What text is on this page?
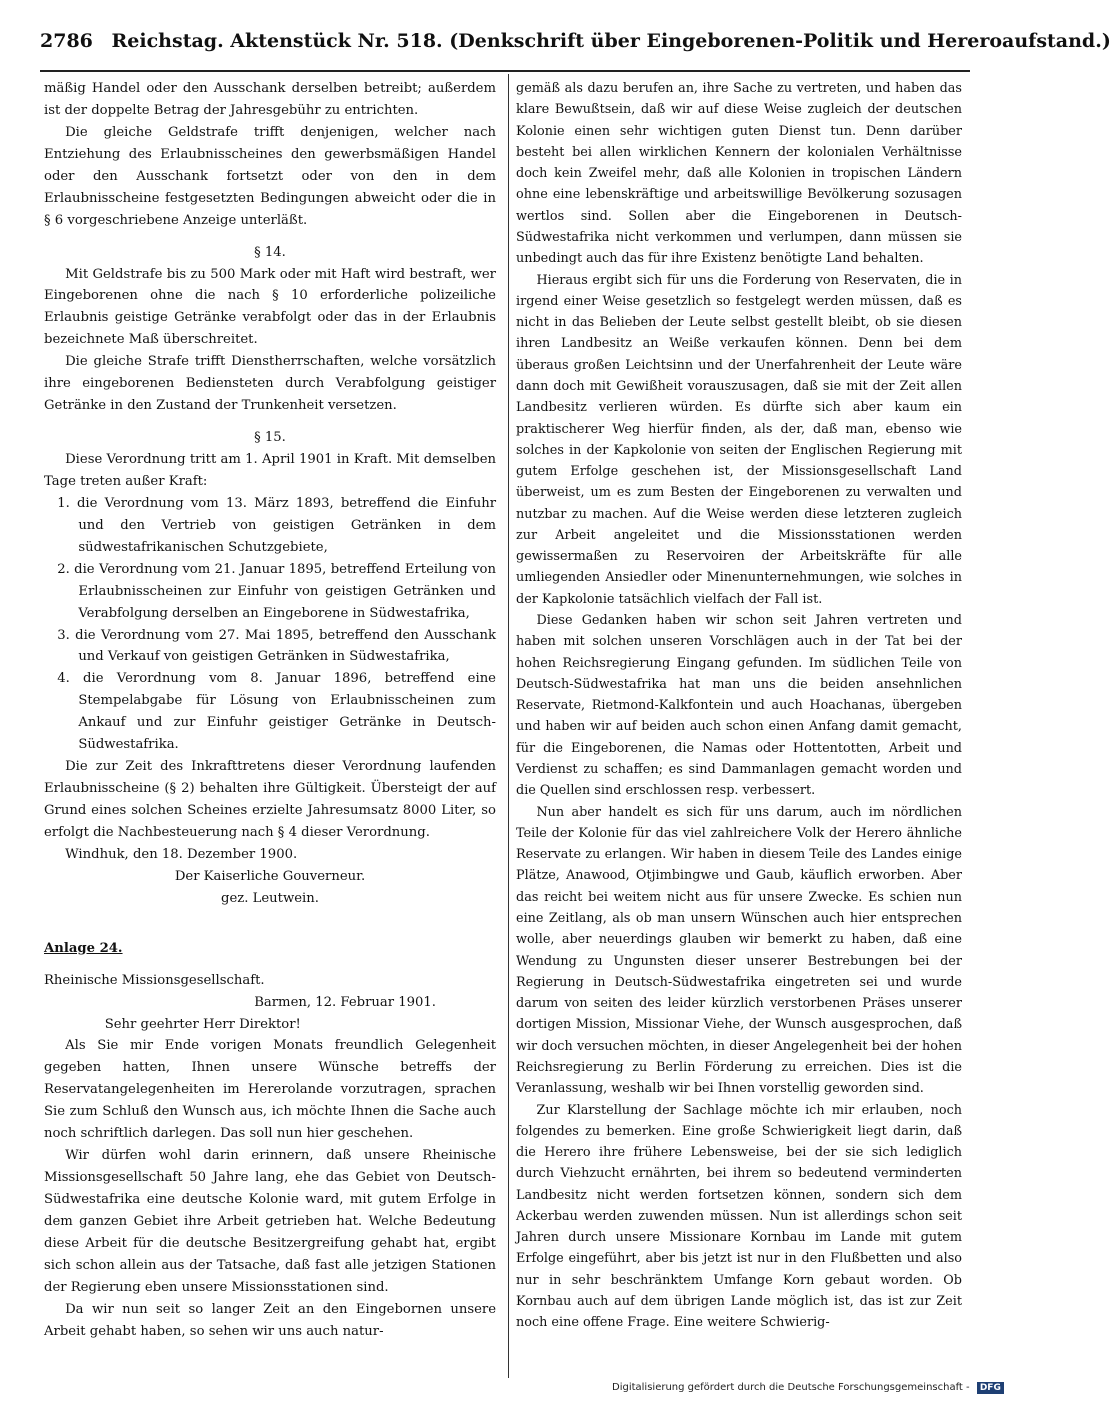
2786 Reichstag. Aktenstück Nr. 518. (Denkschrift über Eingeborenen-Politik und Hereroaufstand.)

mäßig Handel oder den Ausschank derselben betreibt; außerdem ist der doppelte Betrag der Jahresgebühr zu entrichten.

Die gleiche Geldstrafe trifft denjenigen, welcher nach Entziehung des Erlaubnisscheines den gewerbsmäßigen Handel oder den Ausschank fortsetzt oder von den in dem Erlaubnisscheine festgesetzten Bedingungen abweicht oder die in § 6 vorgeschriebene Anzeige unterläßt.

§ 14.

Mit Geldstrafe bis zu 500 Mark oder mit Haft wird bestraft, wer Eingeborenen ohne die nach § 10 erforderliche polizeiliche Erlaubnis geistige Getränke verabfolgt oder das in der Erlaubnis bezeichnete Maß überschreitet.

Die gleiche Strafe trifft Dienstherrschaften, welche vorsätzlich ihre eingeborenen Bediensteten durch Verabfolgung geistiger Getränke in den Zustand der Trunkenheit versetzen.

§ 15.

Diese Verordnung tritt am 1. April 1901 in Kraft. Mit demselben Tage treten außer Kraft:

1. die Verordnung vom 13. März 1893, betreffend die Einfuhr und den Vertrieb von geistigen Getränken in dem südwestafrikanischen Schutzgebiete,

2. die Verordnung vom 21. Januar 1895, betreffend Erteilung von Erlaubnisscheinen zur Einfuhr von geistigen Getränken und Verabfolgung derselben an Eingeborene in Südwestafrika,

3. die Verordnung vom 27. Mai 1895, betreffend den Ausschank und Verkauf von geistigen Getränken in Südwestafrika,

4. die Verordnung vom 8. Januar 1896, betreffend eine Stempelabgabe für Lösung von Erlaubnisscheinen zum Ankauf und zur Einfuhr geistiger Getränke in Deutsch-Südwestafrika.

Die zur Zeit des Inkrafttretens dieser Verordnung laufenden Erlaubnisscheine (§ 2) behalten ihre Gültigkeit. Übersteigt der auf Grund eines solchen Scheines erzielte Jahresumsatz 8000 Liter, so erfolgt die Nachbesteuerung nach § 4 dieser Verordnung.

Windhuk, den 18. Dezember 1900.

Der Kaiserliche Gouverneur.

gez. Leutwein.

Anlage 24.

Rheinische Missionsgesellschaft.

Barmen, 12. Februar 1901.

Sehr geehrter Herr Direktor!

Als Sie mir Ende vorigen Monats freundlich Gelegenheit gegeben hatten, Ihnen unsere Wünsche betreffs der Reservatangelegenheiten im Hererolande vorzutragen, sprachen Sie zum Schluß den Wunsch aus, ich möchte Ihnen die Sache auch noch schriftlich darlegen. Das soll nun hier geschehen.

Wir dürfen wohl darin erinnern, daß unsere Rheinische Missionsgesellschaft 50 Jahre lang, ehe das Gebiet von Deutsch-Südwestafrika eine deutsche Kolonie ward, mit gutem Erfolge in dem ganzen Gebiet ihre Arbeit getrieben hat. Welche Bedeutung diese Arbeit für die deutsche Besitzergreifung gehabt hat, ergibt sich schon allein aus der Tatsache, daß fast alle jetzigen Stationen der Regierung eben unsere Missionsstationen sind.

Da wir nun seit so langer Zeit an den Eingebornen unsere Arbeit gehabt haben, so sehen wir uns auch natur-

gemäß als dazu berufen an, ihre Sache zu vertreten, und haben das klare Bewußtsein, daß wir auf diese Weise zugleich der deutschen Kolonie einen sehr wichtigen guten Dienst tun. Denn darüber besteht bei allen wirklichen Kennern der kolonialen Verhältnisse doch kein Zweifel mehr, daß alle Kolonien in tropischen Ländern ohne eine lebenskräftige und arbeitswillige Bevölkerung sozusagen wertlos sind. Sollen aber die Eingeborenen in Deutsch-Südwestafrika nicht verkommen und verlumpen, dann müssen sie unbedingt auch das für ihre Existenz benötigte Land behalten.

Hieraus ergibt sich für uns die Forderung von Reservaten, die in irgend einer Weise gesetzlich so festgelegt werden müssen, daß es nicht in das Belieben der Leute selbst gestellt bleibt, ob sie diesen ihren Landbesitz an Weiße verkaufen können. Denn bei dem überaus großen Leichtsinn und der Unerfahrenheit der Leute wäre dann doch mit Gewißheit vorauszusagen, daß sie mit der Zeit allen Landbesitz verlieren würden. Es dürfte sich aber kaum ein praktischerer Weg hierfür finden, als der, daß man, ebenso wie solches in der Kapkolonie von seiten der Englischen Regierung mit gutem Erfolge geschehen ist, der Missionsgesellschaft Land überweist, um es zum Besten der Eingeborenen zu verwalten und nutzbar zu machen. Auf die Weise werden diese letzteren zugleich zur Arbeit angeleitet und die Missionsstationen werden gewissermaßen zu Reservoiren der Arbeitskräfte für alle umliegenden Ansiedler oder Minenunternehmungen, wie solches in der Kapkolonie tatsächlich vielfach der Fall ist.

Diese Gedanken haben wir schon seit Jahren vertreten und haben mit solchen unseren Vorschlägen auch in der Tat bei der hohen Reichsregierung Eingang gefunden. Im südlichen Teile von Deutsch-Südwestafrika hat man uns die beiden ansehnlichen Reservate, Rietmond-Kalkfontein und auch Hoachanas, übergeben und haben wir auf beiden auch schon einen Anfang damit gemacht, für die Eingeborenen, die Namas oder Hottentotten, Arbeit und Verdienst zu schaffen; es sind Dammanlagen gemacht worden und die Quellen sind erschlossen resp. verbessert.

Nun aber handelt es sich für uns darum, auch im nördlichen Teile der Kolonie für das viel zahlreichere Volk der Herero ähnliche Reservate zu erlangen. Wir haben in diesem Teile des Landes einige Plätze, Anawood, Otjimbingwe und Gaub, käuflich erworben. Aber das reicht bei weitem nicht aus für unsere Zwecke. Es schien nun eine Zeitlang, als ob man unsern Wünschen auch hier entsprechen wolle, aber neuerdings glauben wir bemerkt zu haben, daß eine Wendung zu Ungunsten dieser unserer Bestrebungen bei der Regierung in Deutsch-Südwestafrika eingetreten sei und wurde darum von seiten des leider kürzlich verstorbenen Präses unserer dortigen Mission, Missionar Viehe, der Wunsch ausgesprochen, daß wir doch versuchen möchten, in dieser Angelegenheit bei der hohen Reichsregierung zu Berlin Förderung zu erreichen. Dies ist die Veranlassung, weshalb wir bei Ihnen vorstellig geworden sind.

Zur Klarstellung der Sachlage möchte ich mir erlauben, noch folgendes zu bemerken. Eine große Schwierigkeit liegt darin, daß die Herero ihre frühere Lebensweise, bei der sie sich lediglich durch Viehzucht ernährten, bei ihrem so bedeutend verminderten Landbesitz nicht werden fortsetzen können, sondern sich dem Ackerbau werden zuwenden müssen. Nun ist allerdings schon seit Jahren durch unsere Missionare Kornbau im Lande mit gutem Erfolge eingeführt, aber bis jetzt ist nur in den Flußbetten und also nur in sehr beschränktem Umfange Korn gebaut worden. Ob Kornbau auch auf dem übrigen Lande möglich ist, das ist zur Zeit noch eine offene Frage. Eine weitere Schwierig-

Digitalisierung gefördert durch die Deutsche Forschungsgemeinschaft - DFG
